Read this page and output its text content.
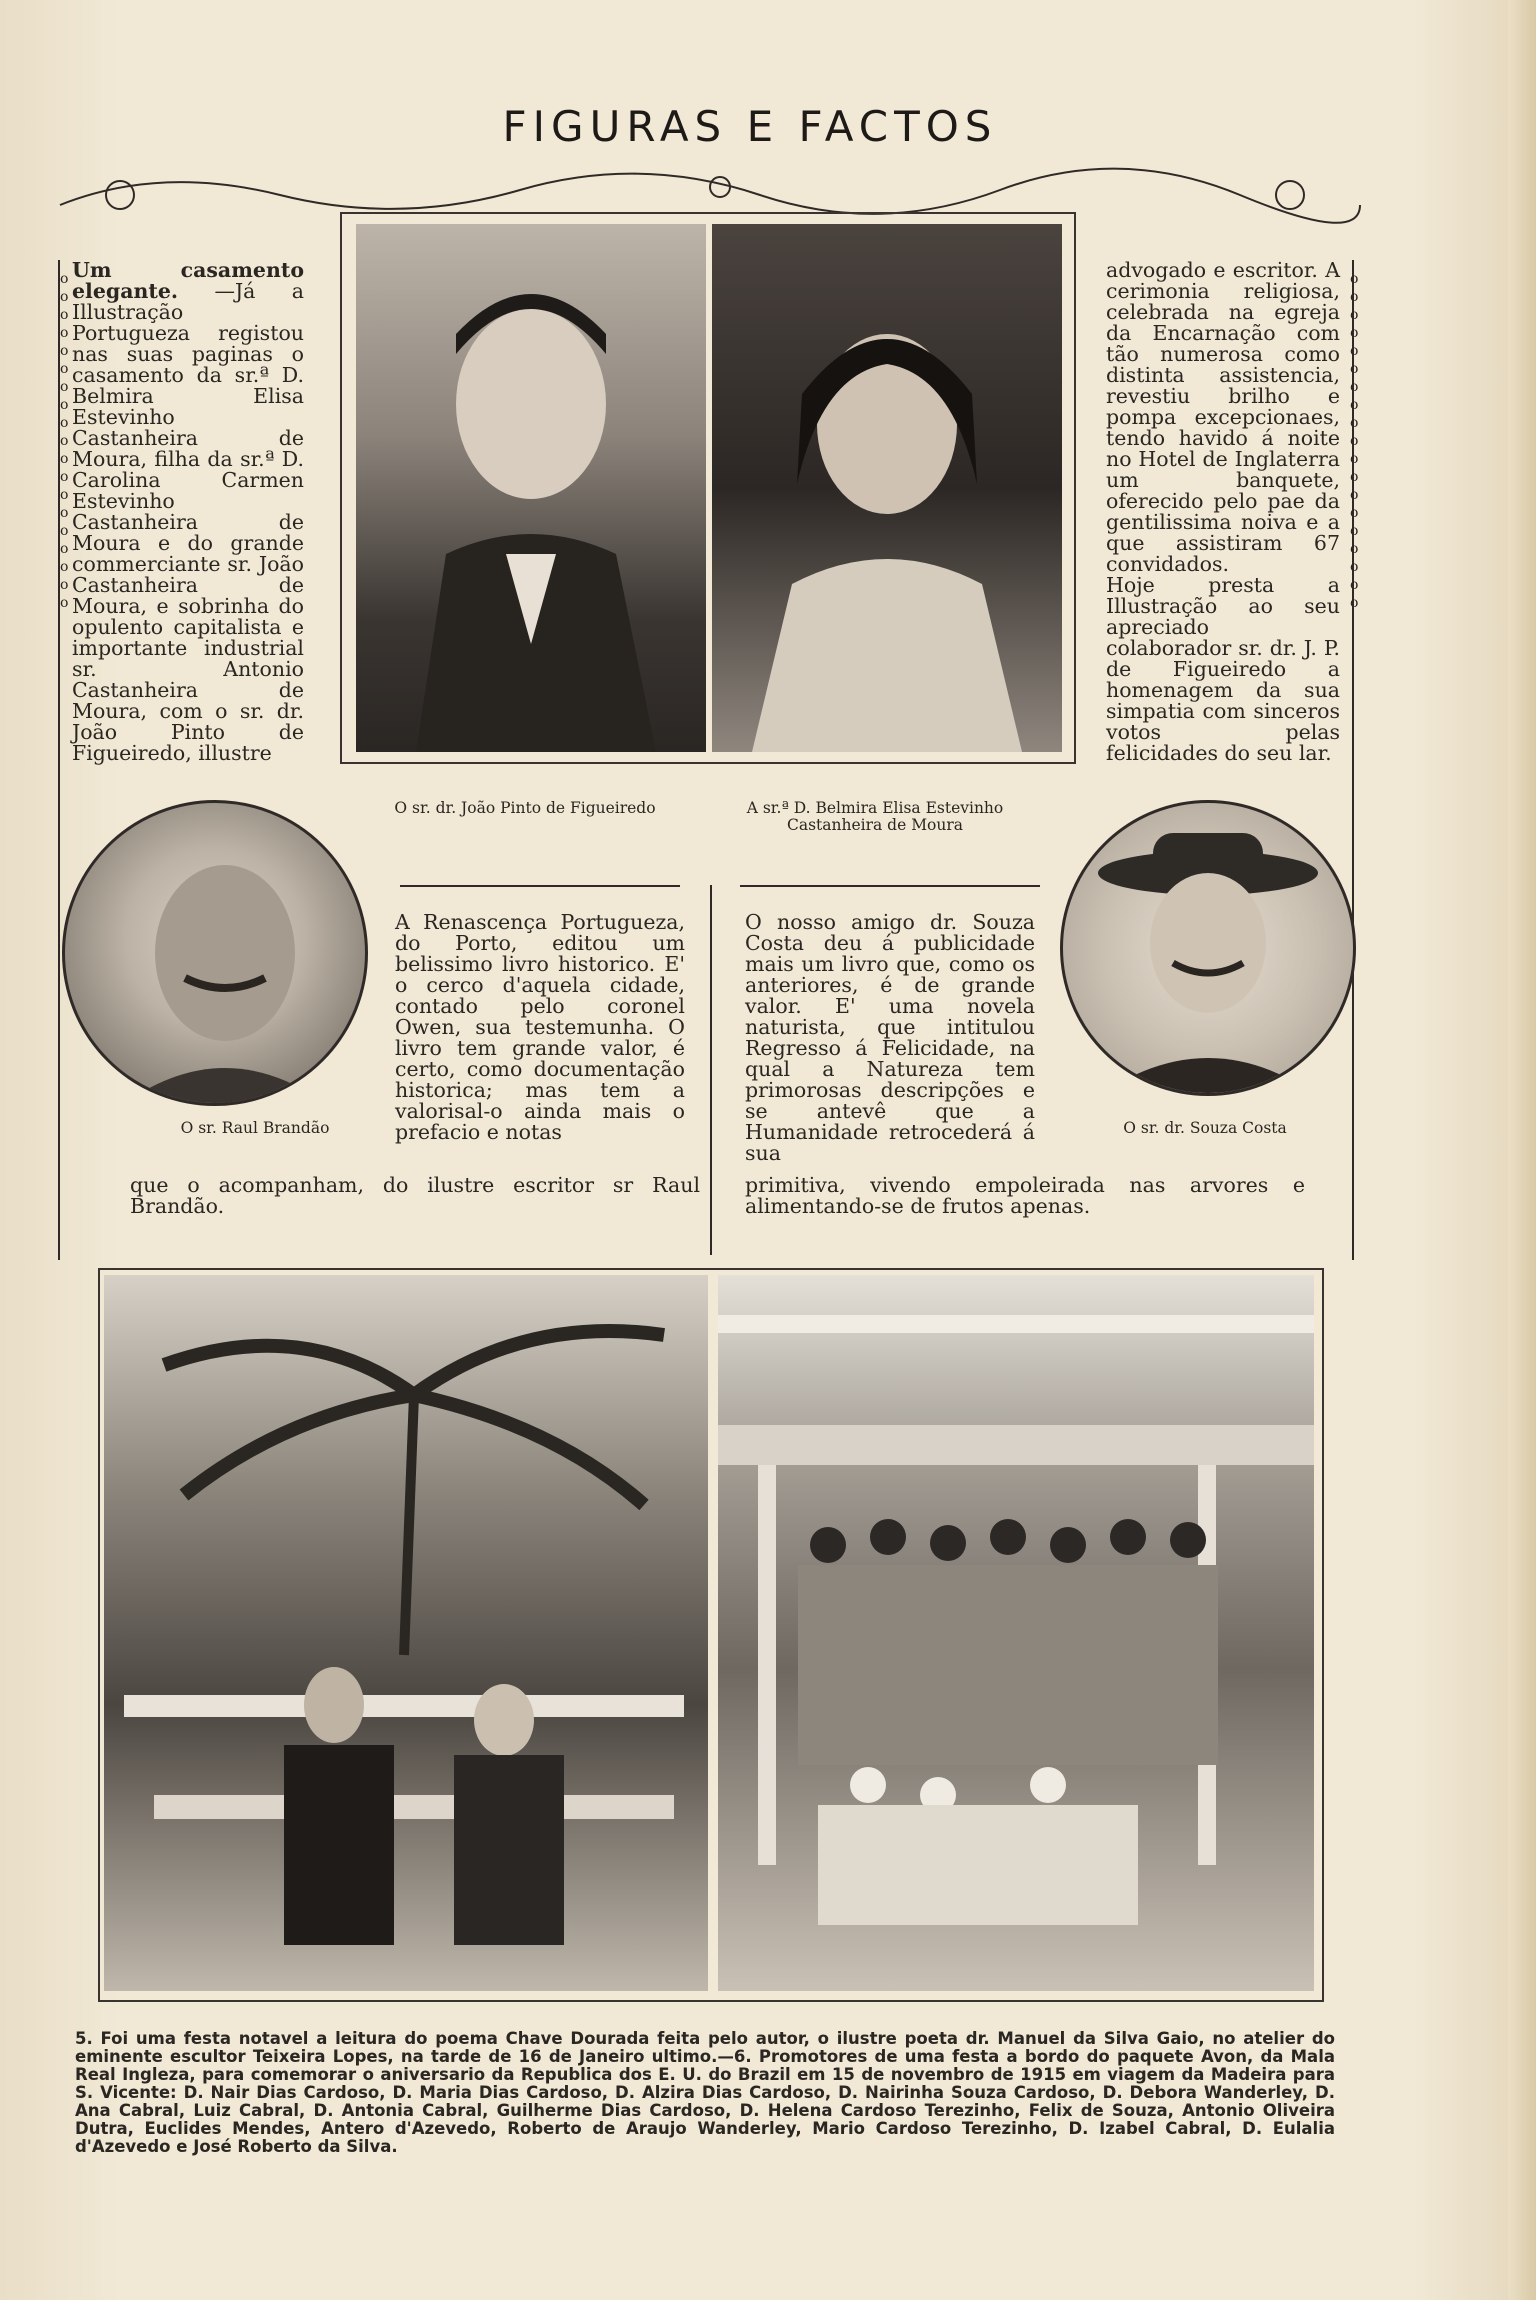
FIGURAS E FACTOS
o
o
o
o
o
o
o
o
o
o
o
o
o
o
o
o
o
o
o
o
o
o
o
o
o
o
o
o
o
o
o
o
o
o
o
o
o
o
Um casamento elegante. —Já a Illustração Portugueza registou nas suas paginas o casamento da sr.ª D. Belmira Elisa Estevinho Castanheira de Moura, filha da sr.ª D. Carolina Carmen Estevinho Castanheira de Moura e do grande commerciante sr. João Castanheira de Moura, e sobrinha do opulento capitalista e importante industrial sr. Antonio Castanheira de Moura, com o sr. dr. João Pinto de Figueiredo, illustre
advogado e escritor. A cerimonia religiosa, celebrada na egreja da Encarnação com tão numerosa como distinta assistencia, revestiu brilho e pompa excepcionaes, tendo havido á noite no Hotel de Inglaterra um banquete, oferecido pelo pae da gentilissima noiva e a que assistiram 67 convidados.
Hoje presta a Illustração ao seu apreciado colaborador sr. dr. J. P. de Figueiredo a homenagem da sua simpatia com sinceros votos pelas felicidades do seu lar.
O sr. dr. João Pinto de Figueiredo	A sr.ª D. Belmira Elisa Estevinho Castanheira de Moura
O sr. Raul Brandão	O sr. dr. Souza Costa
A Renascença Portugueza, do Porto, editou um belissimo livro historico. E' o cerco d'aquela cidade, contado pelo coronel Owen, sua testemunha. O livro tem grande valor, é certo, como documentação historica; mas tem a valorisal-o ainda mais o prefacio e notas
que o acompanham, do ilustre escritor sr Raul Brandão.
O nosso amigo dr. Souza Costa deu á publicidade mais um livro que, como os anteriores, é de grande valor. E' uma novela naturista, que intitulou Regresso á Felicidade, na qual a Natureza tem primorosas descripções e se antevê que a Humanidade retrocederá á sua
primitiva, vivendo empoleirada nas arvores e alimentando-se de frutos apenas.
5. Foi uma festa notavel a leitura do poema Chave Dourada feita pelo autor, o ilustre poeta dr. Manuel da Silva Gaio, no atelier do eminente escultor Teixeira Lopes, na tarde de 16 de Janeiro ultimo.—6. Promotores de uma festa a bordo do paquete Avon, da Mala Real Ingleza, para comemorar o aniversario da Republica dos E. U. do Brazil em 15 de novembro de 1915 em viagem da Madeira para S. Vicente: D. Nair Dias Cardoso, D. Maria Dias Cardoso, D. Alzira Dias Cardoso, D. Nairinha Souza Cardoso, D. Debora Wanderley, D. Ana Cabral, Luiz Cabral, D. Antonia Cabral, Guilherme Dias Cardoso, D. Helena Cardoso Terezinho, Felix de Souza, Antonio Oliveira Dutra, Euclides Mendes, Antero d'Azevedo, Roberto de Araujo Wanderley, Mario Cardoso Terezinho, D. Izabel Cabral, D. Eulalia d'Azevedo e José Roberto da Silva.
